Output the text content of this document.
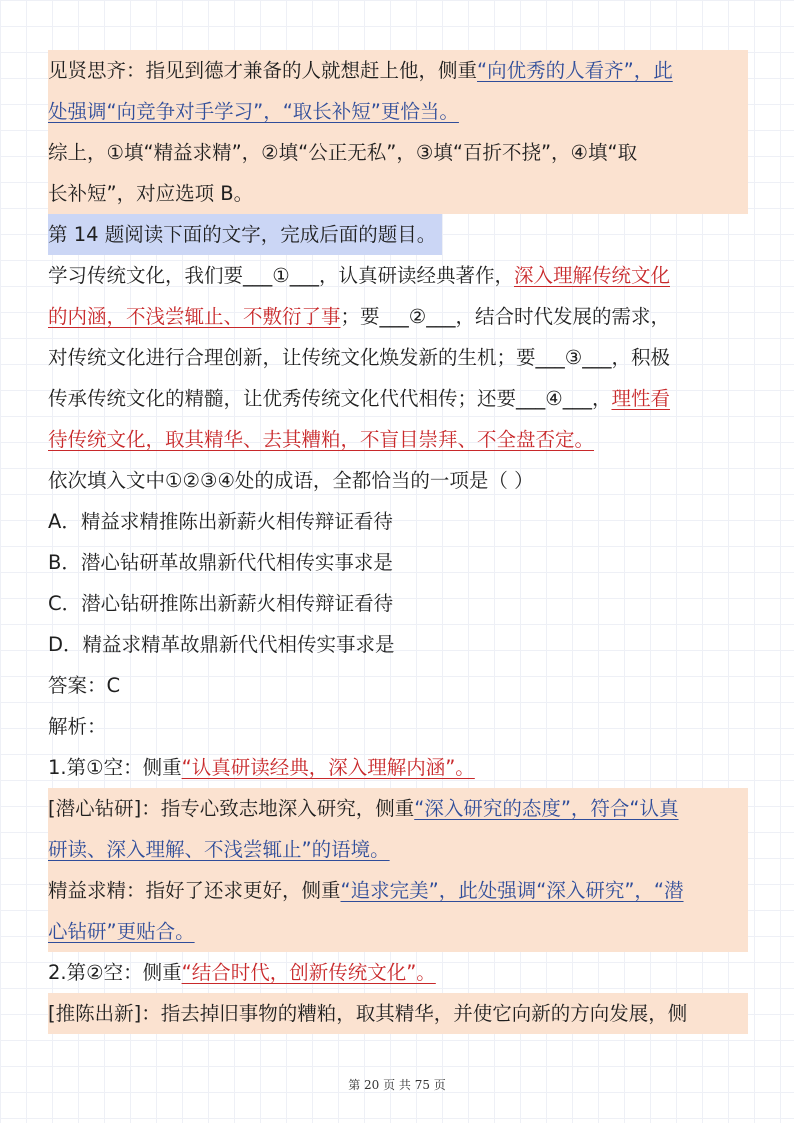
见贤思齐：指见到德才兼备的人就想赶上他，侧重“向优秀的人看齐”，此
处强调“向竞争对手学习”，“取长补短”更恰当。
综上，①填“精益求精”，②填“公正无私”，③填“百折不挠”，④填“取
长补短”，对应选项 B。
第 14 题阅读下面的文字，完成后面的题目。
学习传统文化，我们要___①___，认真研读经典著作，深入理解传统文化
的内涵，不浅尝辄止、不敷衍了事；要___②___，结合时代发展的需求，
对传统文化进行合理创新，让传统文化焕发新的生机；要___③___，积极
传承传统文化的精髓，让优秀传统文化代代相传；还要___④___，理性看
待传统文化，取其精华、去其糟粕，不盲目崇拜、不全盘否定。
依次填入文中①②③④处的成语，全都恰当的一项是（ ）
A．精益求精推陈出新薪火相传辩证看待
B．潜心钻研革故鼎新代代相传实事求是
C．潜心钻研推陈出新薪火相传辩证看待
D．精益求精革故鼎新代代相传实事求是
答案：C
解析：
1.第①空：侧重“认真研读经典，深入理解内涵”。
[潜心钻研]：指专心致志地深入研究，侧重“深入研究的态度”，符合“认真
研读、深入理解、不浅尝辄止”的语境。
精益求精：指好了还求更好，侧重“追求完美”，此处强调“深入研究”，“潜
心钻研”更贴合。
2.第②空：侧重“结合时代，创新传统文化”。
[推陈出新]：指去掉旧事物的糟粕，取其精华，并使它向新的方向发展，侧
第 20 页 共 75 页
